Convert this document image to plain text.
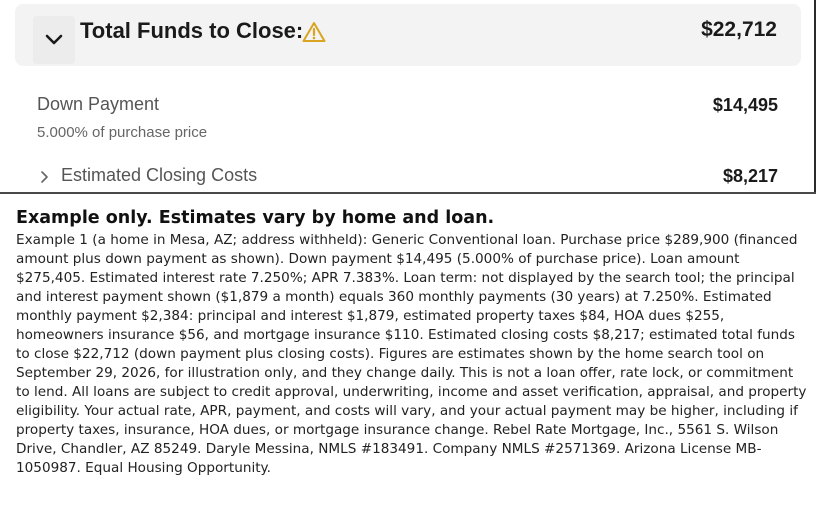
Total Funds to Close:	$22,712
Down Payment
5.000% of purchase price
$14,495
Estimated Closing Costs	$8,217
Example only. Estimates vary by home and loan.

Example 1 (a home in Mesa, AZ; address withheld): Generic Conventional loan. Purchase price $289,900 (financed amount plus down payment as shown). Down payment $14,495 (5.000% of purchase price). Loan amount $275,405. Estimated interest rate 7.250%; APR 7.383%. Loan term: not displayed by the search tool; the principal and interest payment shown ($1,879 a month) equals 360 monthly payments (30 years) at 7.250%. Estimated monthly payment $2,384: principal and interest $1,879, estimated property taxes $84, HOA dues $255, homeowners insurance $56, and mortgage insurance $110. Estimated closing costs $8,217; estimated total funds to close $22,712 (down payment plus closing costs). Figures are estimates shown by the home search tool on September 29, 2026, for illustration only, and they change daily. This is not a loan offer, rate lock, or commitment to lend. All loans are subject to credit approval, underwriting, income and asset verification, appraisal, and property eligibility. Your actual rate, APR, payment, and costs will vary, and your actual payment may be higher, including if property taxes, insurance, HOA dues, or mortgage insurance change. Rebel Rate Mortgage, Inc., 5561 S. Wilson Drive, Chandler, AZ 85249. Daryle Messina, NMLS #183491. Company NMLS #2571369. Arizona License MB-1050987. Equal Housing Opportunity.
